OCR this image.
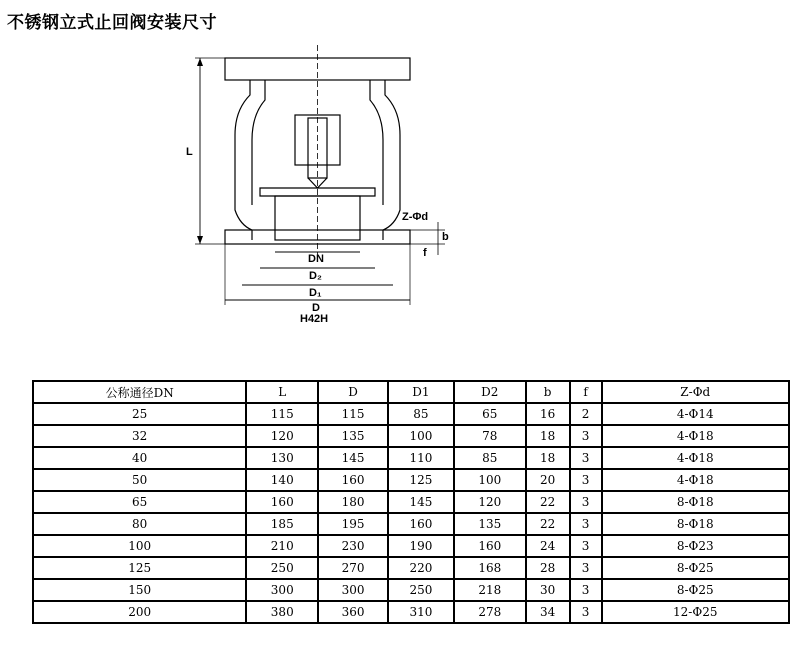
不锈钢立式止回阀安装尺寸
L
DN
D₂
D₁
D
Z-Φd
b
f
H42H
公称通径DN	L	D	D1	D2	b	f	Z-Φd
25	115	115	85	65	16	2	4-Φ14
32	120	135	100	78	18	3	4-Φ18
40	130	145	110	85	18	3	4-Φ18
50	140	160	125	100	20	3	4-Φ18
65	160	180	145	120	22	3	8-Φ18
80	185	195	160	135	22	3	8-Φ18
100	210	230	190	160	24	3	8-Φ23
125	250	270	220	168	28	3	8-Φ25
150	300	300	250	218	30	3	8-Φ25
200	380	360	310	278	34	3	12-Φ25
